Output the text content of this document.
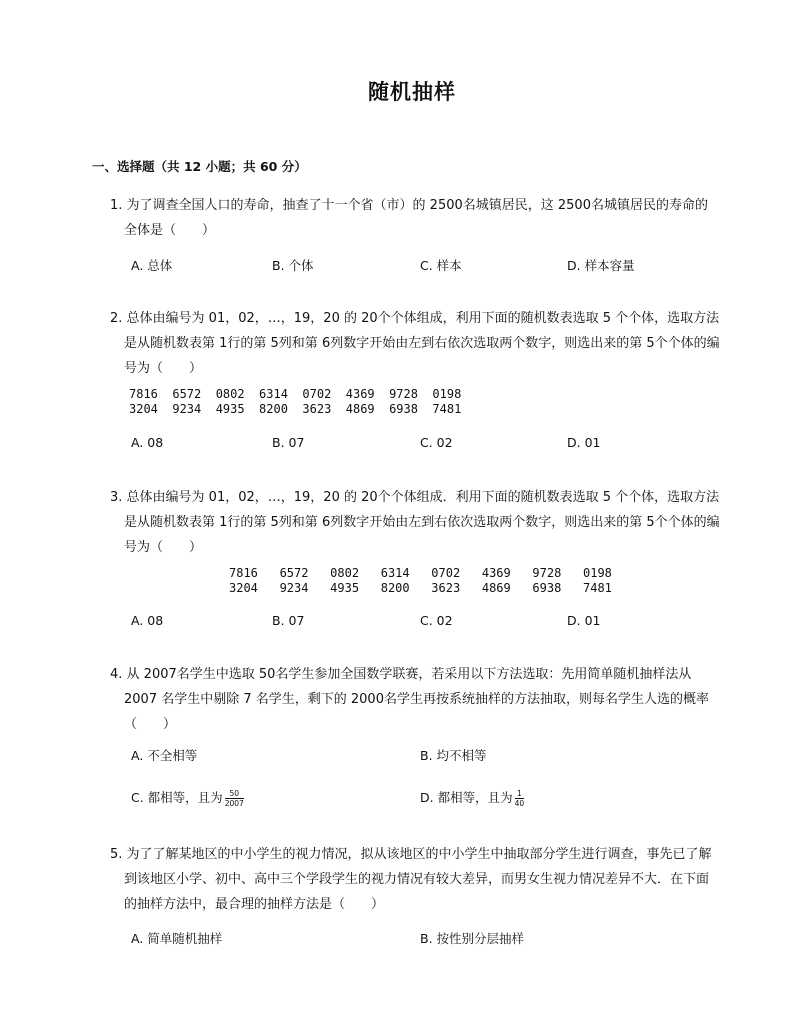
随机抽样
一、选择题（共 12 小题；共 60 分）
1. 为了调查全国人口的寿命，抽查了十一个省（市）的 2500名城镇居民，这 2500名城镇居民的寿命的全体是（　　）
A. 总体	B. 个体	C. 样本	D. 样本容量
2. 总体由编号为 01，02，…，19，20 的 20个个体组成，利用下面的随机数表选取 5 个个体，选取方法是从随机数表第 1行的第 5列和第 6列数字开始由左到右依次选取两个数字，则选出来的第 5个个体的编号为（　　）
7816  6572  0802  6314  0702  4369  9728  0198
3204  9234  4935  8200  3623  4869  6938  7481
A. 08	B. 07	C. 02	D. 01
3. 总体由编号为 01，02，…，19，20 的 20个个体组成．利用下面的随机数表选取 5 个个体，选取方法是从随机数表第 1行的第 5列和第 6列数字开始由左到右依次选取两个数字，则选出来的第 5个个体的编号为（　　）
7816   6572   0802   6314   0702   4369   9728   0198
3204   9234   4935   8200   3623   4869   6938   7481
A. 08	B. 07	C. 02	D. 01
4. 从 2007名学生中选取 50名学生参加全国数学联赛，若采用以下方法选取：先用简单随机抽样法从 2007 名学生中剔除 7 名学生，剩下的 2000名学生再按系统抽样的方法抽取，则每名学生人选的概率（　　）
A. 不全相等	B. 均不相等
C. 都相等，且为 $\frac{50}{2007}$	D. 都相等，且为 $\frac{1}{40}$
5. 为了了解某地区的中小学生的视力情况，拟从该地区的中小学生中抽取部分学生进行调查，事先已了解到该地区小学、初中、高中三个学段学生的视力情况有较大差异，而男女生视力情况差异不大．在下面的抽样方法中，最合理的抽样方法是（　　）
A. 简单随机抽样	B. 按性别分层抽样
